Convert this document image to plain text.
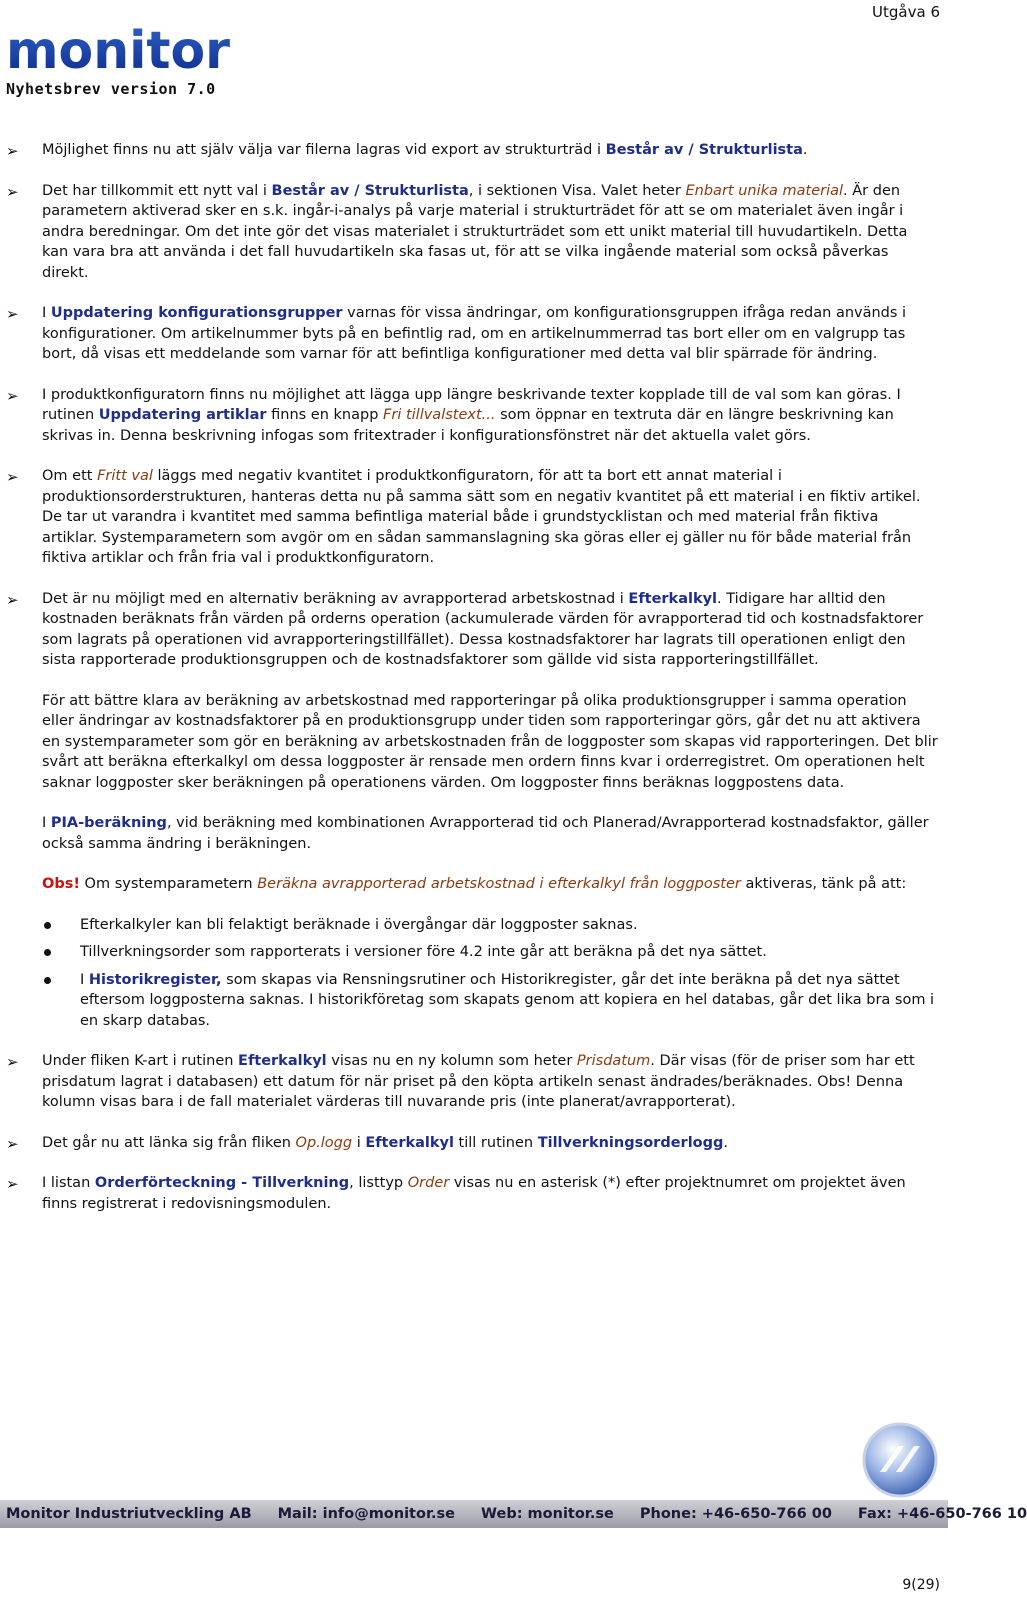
Utgåva 6
monitor
Nyhetsbrev version 7.0
➢ Möjlighet finns nu att själv välja var filerna lagras vid export av strukturträd i Består av / Strukturlista.
➢ Det har tillkommit ett nytt val i Består av / Strukturlista, i sektionen Visa. Valet heter Enbart unika material. Är den parametern aktiverad sker en s.k. ingår-i-analys på varje material i strukturträdet för att se om materialet även ingår i andra beredningar. Om det inte gör det visas materialet i strukturträdet som ett unikt material till huvudartikeln. Detta kan vara bra att använda i det fall huvudartikeln ska fasas ut, för att se vilka ingående material som också påverkas direkt.
➢ I Uppdatering konfigurationsgrupper varnas för vissa ändringar, om konfigurationsgruppen ifråga redan används i konfigurationer. Om artikelnummer byts på en befintlig rad, om en artikelnummerrad tas bort eller om en valgrupp tas bort, då visas ett meddelande som varnar för att befintliga konfigurationer med detta val blir spärrade för ändring.
➢ I produktkonfiguratorn finns nu möjlighet att lägga upp längre beskrivande texter kopplade till de val som kan göras. I rutinen Uppdatering artiklar finns en knapp Fri tillvalstext... som öppnar en textruta där en längre beskrivning kan skrivas in. Denna beskrivning infogas som fritextrader i konfigurationsfönstret när det aktuella valet görs.
➢ Om ett Fritt val läggs med negativ kvantitet i produktkonfiguratorn, för att ta bort ett annat material i produktionsorderstrukturen, hanteras detta nu på samma sätt som en negativ kvantitet på ett material i en fiktiv artikel. De tar ut varandra i kvantitet med samma befintliga material både i grundstycklistan och med material från fiktiva artiklar. Systemparametern som avgör om en sådan sammanslagning ska göras eller ej gäller nu för både material från fiktiva artiklar och från fria val i produktkonfiguratorn.
➢ Det är nu möjligt med en alternativ beräkning av avrapporterad arbetskostnad i Efterkalkyl. Tidigare har alltid den kostnaden beräknats från värden på orderns operation (ackumulerade värden för avrapporterad tid och kostnadsfaktorer som lagrats på operationen vid avrapporteringstillfället). Dessa kostnadsfaktorer har lagrats till operationen enligt den sista rapporterade produktionsgruppen och de kostnadsfaktorer som gällde vid sista rapporteringstillfället.
För att bättre klara av beräkning av arbetskostnad med rapporteringar på olika produktionsgrupper i samma operation eller ändringar av kostnadsfaktorer på en produktionsgrupp under tiden som rapporteringar görs, går det nu att aktivera en systemparameter som gör en beräkning av arbetskostnaden från de loggposter som skapas vid rapporteringen. Det blir svårt att beräkna efterkalkyl om dessa loggposter är rensade men ordern finns kvar i orderregistret. Om operationen helt saknar loggposter sker beräkningen på operationens värden. Om loggposter finns beräknas loggpostens data.
I PIA-beräkning, vid beräkning med kombinationen Avrapporterad tid och Planerad/Avrapporterad kostnadsfaktor, gäller också samma ändring i beräkningen.
Obs! Om systemparametern Beräkna avrapporterad arbetskostnad i efterkalkyl från loggposter aktiveras, tänk på att:
Efterkalkyler kan bli felaktigt beräknade i övergångar där loggposter saknas.
Tillverkningsorder som rapporterats i versioner före 4.2 inte går att beräkna på det nya sättet.
I Historikregister, som skapas via Rensningsrutiner och Historikregister, går det inte beräkna på det nya sättet eftersom loggposterna saknas. I historikföretag som skapats genom att kopiera en hel databas, går det lika bra som i en skarp databas.
➢ Under fliken K-art i rutinen Efterkalkyl visas nu en ny kolumn som heter Prisdatum. Där visas (för de priser som har ett prisdatum lagrat i databasen) ett datum för när priset på den köpta artikeln senast ändrades/beräknades. Obs! Denna kolumn visas bara i de fall materialet värderas till nuvarande pris (inte planerat/avrapporterat).
➢ Det går nu att länka sig från fliken Op.logg i Efterkalkyl till rutinen Tillverkningsorderlogg.
➢ I listan Orderförteckning - Tillverkning, listtyp Order visas nu en asterisk (*) efter projektnumret om projektet även finns registrerat i redovisningsmodulen.
Monitor Industriutveckling AB	Mail: info@monitor.se	Web: monitor.se	Phone: +46-650-766 00	Fax: +46-650-766 10
9(29)
